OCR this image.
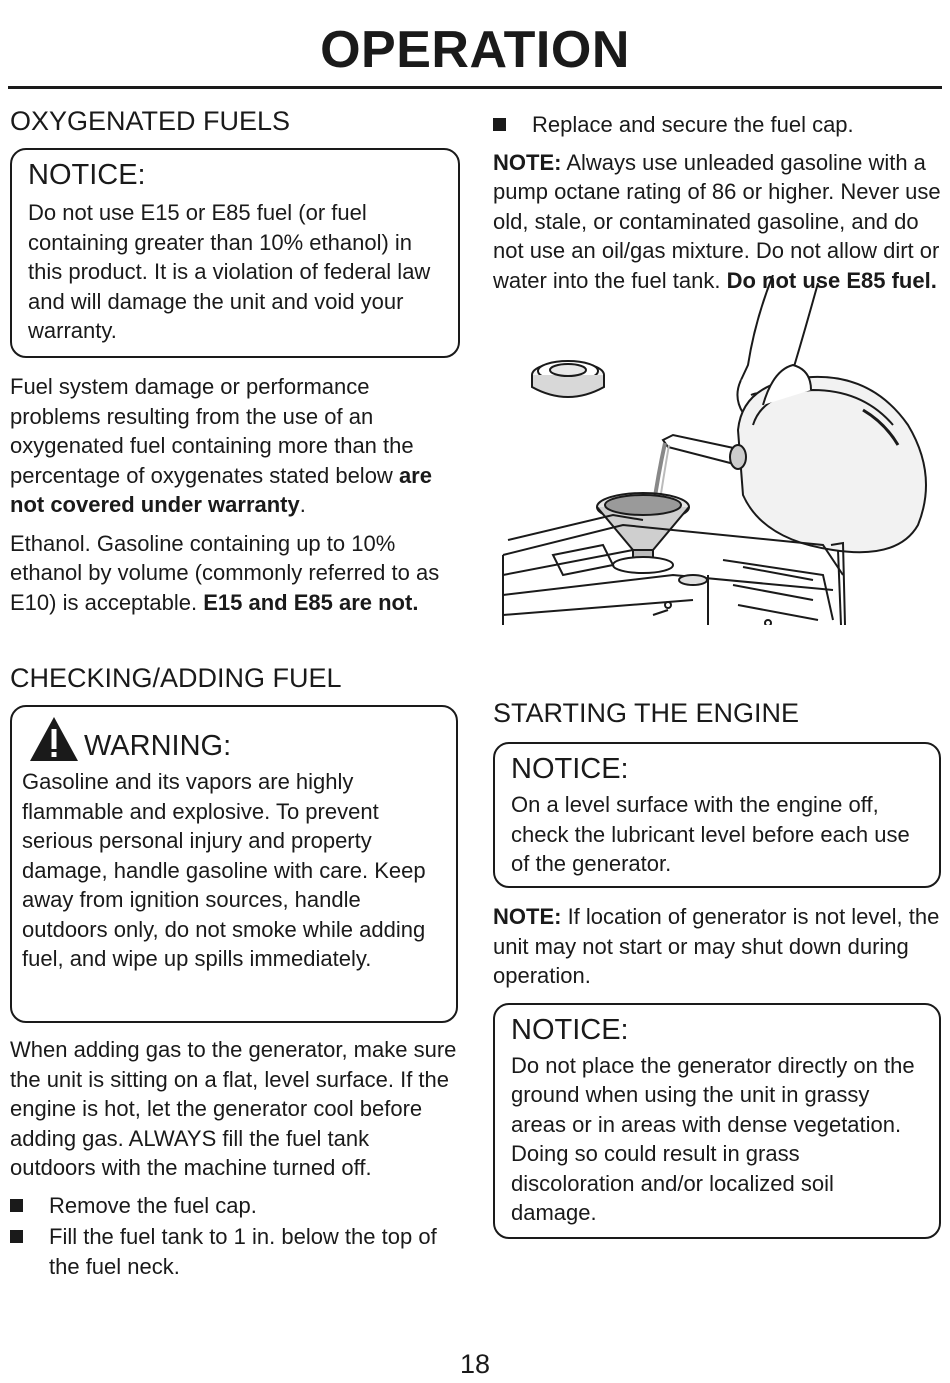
OPERATION
OXYGENATED FUELS
NOTICE:

Do not use E15 or E85 fuel (or fuel containing greater than 10% ethanol) in this product. It is a violation of federal law and will damage the unit and void your warranty.

Fuel system damage or performance problems resulting from the use of an oxygenated fuel containing more than the percentage of oxygenates stated below are not covered under warranty.

Ethanol. Gasoline containing up to 10% ethanol by volume (commonly referred to as E10) is acceptable. E15 and E85 are not.

CHECKING/ADDING FUEL
WARNING:

Gasoline and its vapors are highly flammable and explosive. To prevent serious personal injury and property damage, handle gasoline with care. Keep away from ignition sources, handle outdoors only, do not smoke while adding fuel, and wipe up spills immediately.

When adding gas to the generator, make sure the unit is sitting on a flat, level surface. If the engine is hot, let the generator cool before adding gas. ALWAYS fill the fuel tank outdoors with the machine turned off.

Remove the fuel cap.
Fill the fuel tank to 1 in. below the top of the fuel neck.
Replace and secure the fuel cap.

NOTE: Always use unleaded gasoline with a pump octane rating of 86 or higher. Never use old, stale, or contaminated gasoline, and do not use an oil/gas mixture. Do not allow dirt or water into the fuel tank. Do not use E85 fuel.

STARTING THE ENGINE
NOTICE:

On a level surface with the engine off, check the lubricant level before each use of the generator.

NOTE: If location of generator is not level, the unit may not start or may shut down during operation.

NOTICE:

Do not place the generator directly on the ground when using the unit in grassy areas or in areas with dense vegetation. Doing so could result in grass discoloration and/or localized soil damage.

18
